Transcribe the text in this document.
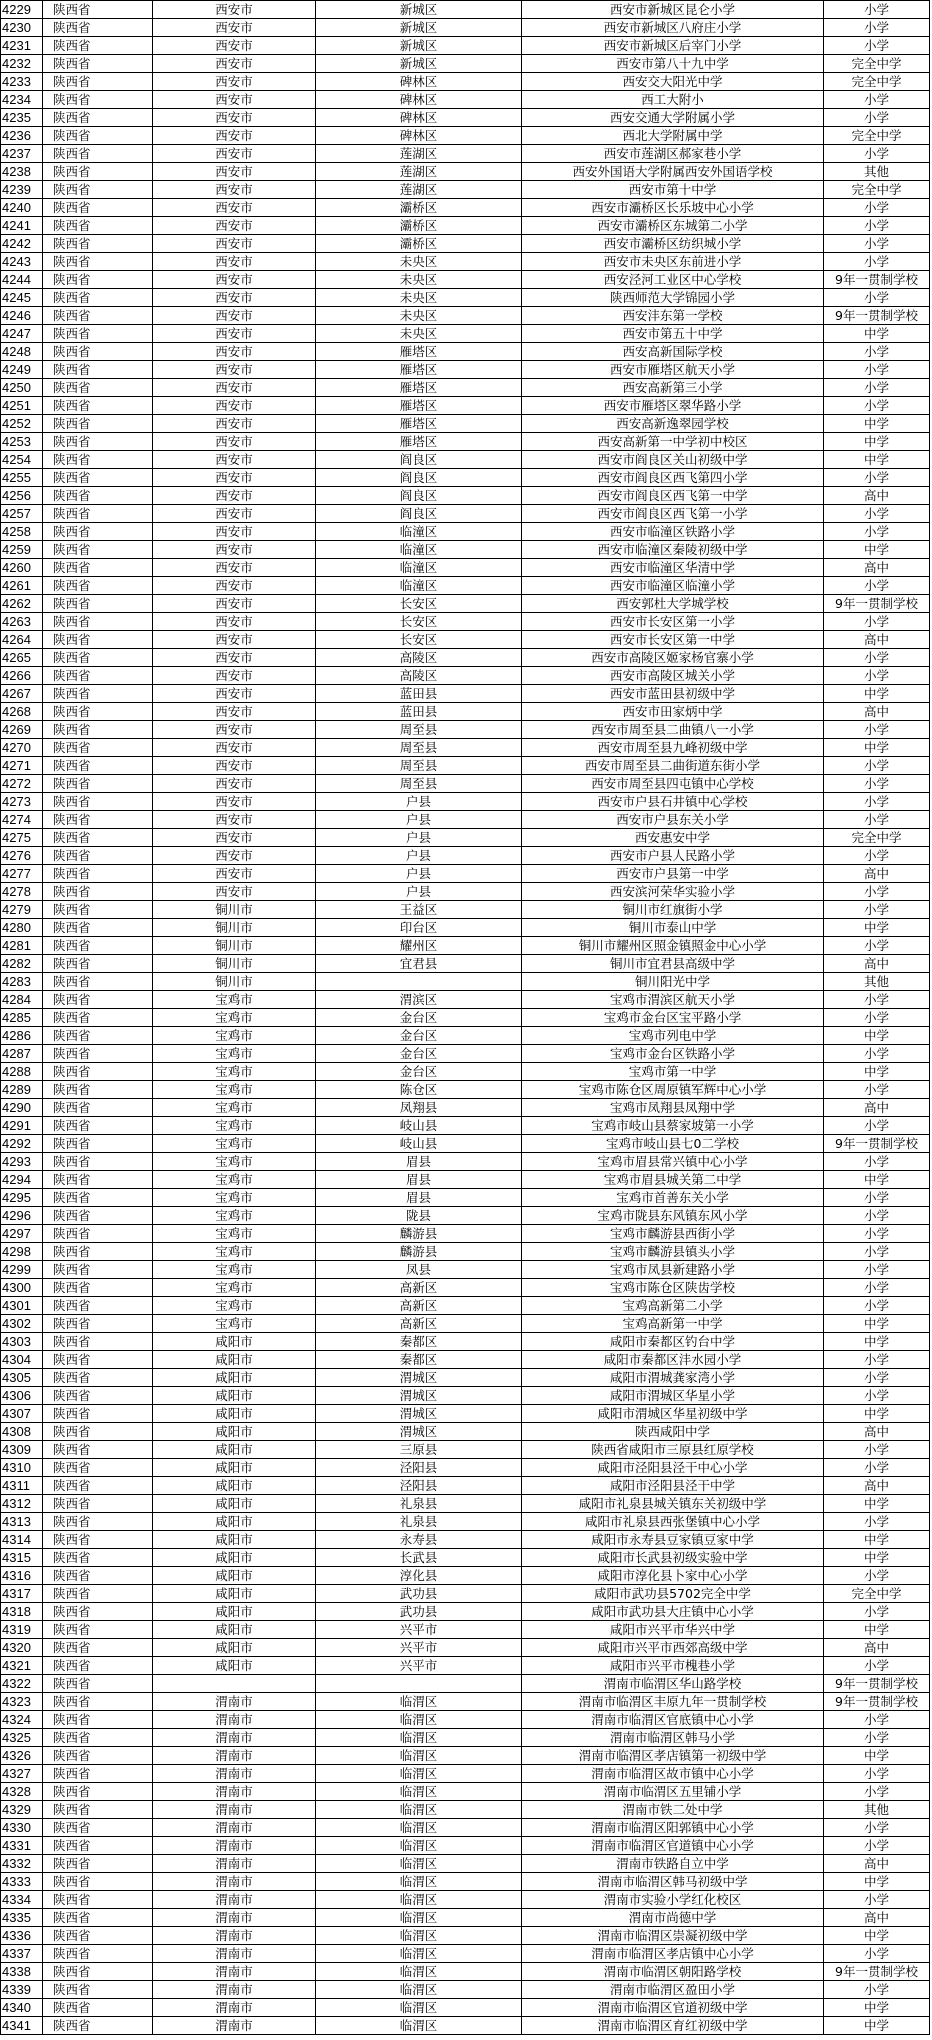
4229	陕西省	西安市	新城区	西安市新城区昆仑小学	小学
4230	陕西省	西安市	新城区	西安市新城区八府庄小学	小学
4231	陕西省	西安市	新城区	西安市新城区后宰门小学	小学
4232	陕西省	西安市	新城区	西安市第八十九中学	完全中学
4233	陕西省	西安市	碑林区	西安交大阳光中学	完全中学
4234	陕西省	西安市	碑林区	西工大附小	小学
4235	陕西省	西安市	碑林区	西安交通大学附属小学	小学
4236	陕西省	西安市	碑林区	西北大学附属中学	完全中学
4237	陕西省	西安市	莲湖区	西安市莲湖区郝家巷小学	小学
4238	陕西省	西安市	莲湖区	西安外国语大学附属西安外国语学校	其他
4239	陕西省	西安市	莲湖区	西安市第十中学	完全中学
4240	陕西省	西安市	灞桥区	西安市灞桥区长乐坡中心小学	小学
4241	陕西省	西安市	灞桥区	西安市灞桥区东城第二小学	小学
4242	陕西省	西安市	灞桥区	西安市灞桥区纺织城小学	小学
4243	陕西省	西安市	未央区	西安市未央区东前进小学	小学
4244	陕西省	西安市	未央区	西安泾河工业区中心学校	9年一贯制学校
4245	陕西省	西安市	未央区	陕西师范大学锦园小学	小学
4246	陕西省	西安市	未央区	西安沣东第一学校	9年一贯制学校
4247	陕西省	西安市	未央区	西安市第五十中学	中学
4248	陕西省	西安市	雁塔区	西安高新国际学校	小学
4249	陕西省	西安市	雁塔区	西安市雁塔区航天小学	小学
4250	陕西省	西安市	雁塔区	西安高新第三小学	小学
4251	陕西省	西安市	雁塔区	西安市雁塔区翠华路小学	小学
4252	陕西省	西安市	雁塔区	西安高新逸翠园学校	中学
4253	陕西省	西安市	雁塔区	西安高新第一中学初中校区	中学
4254	陕西省	西安市	阎良区	西安市阎良区关山初级中学	中学
4255	陕西省	西安市	阎良区	西安市阎良区西飞第四小学	小学
4256	陕西省	西安市	阎良区	西安市阎良区西飞第一中学	高中
4257	陕西省	西安市	阎良区	西安市阎良区西飞第一小学	小学
4258	陕西省	西安市	临潼区	西安市临潼区铁路小学	小学
4259	陕西省	西安市	临潼区	西安市临潼区秦陵初级中学	中学
4260	陕西省	西安市	临潼区	西安市临潼区华清中学	高中
4261	陕西省	西安市	临潼区	西安市临潼区临潼小学	小学
4262	陕西省	西安市	长安区	西安郭杜大学城学校	9年一贯制学校
4263	陕西省	西安市	长安区	西安市长安区第一小学	小学
4264	陕西省	西安市	长安区	西安市长安区第一中学	高中
4265	陕西省	西安市	高陵区	西安市高陵区姬家杨官寨小学	小学
4266	陕西省	西安市	高陵区	西安市高陵区城关小学	小学
4267	陕西省	西安市	蓝田县	西安市蓝田县初级中学	中学
4268	陕西省	西安市	蓝田县	西安市田家炳中学	高中
4269	陕西省	西安市	周至县	西安市周至县二曲镇八一小学	小学
4270	陕西省	西安市	周至县	西安市周至县九峰初级中学	中学
4271	陕西省	西安市	周至县	西安市周至县二曲街道东街小学	小学
4272	陕西省	西安市	周至县	西安市周至县四屯镇中心学校	小学
4273	陕西省	西安市	户县	西安市户县石井镇中心学校	小学
4274	陕西省	西安市	户县	西安市户县东关小学	小学
4275	陕西省	西安市	户县	西安惠安中学	完全中学
4276	陕西省	西安市	户县	西安市户县人民路小学	小学
4277	陕西省	西安市	户县	西安市户县第一中学	高中
4278	陕西省	西安市	户县	西安滨河荣华实验小学	小学
4279	陕西省	铜川市	王益区	铜川市红旗街小学	小学
4280	陕西省	铜川市	印台区	铜川市泰山中学	中学
4281	陕西省	铜川市	耀州区	铜川市耀州区照金镇照金中心小学	小学
4282	陕西省	铜川市	宜君县	铜川市宜君县高级中学	高中
4283	陕西省	铜川市		铜川阳光中学	其他
4284	陕西省	宝鸡市	渭滨区	宝鸡市渭滨区航天小学	小学
4285	陕西省	宝鸡市	金台区	宝鸡市金台区宝平路小学	小学
4286	陕西省	宝鸡市	金台区	宝鸡市列电中学	中学
4287	陕西省	宝鸡市	金台区	宝鸡市金台区铁路小学	小学
4288	陕西省	宝鸡市	金台区	宝鸡市第一中学	中学
4289	陕西省	宝鸡市	陈仓区	宝鸡市陈仓区周原镇军辉中心小学	小学
4290	陕西省	宝鸡市	凤翔县	宝鸡市凤翔县凤翔中学	高中
4291	陕西省	宝鸡市	岐山县	宝鸡市岐山县蔡家坡第一小学	小学
4292	陕西省	宝鸡市	岐山县	宝鸡市岐山县七0二学校	9年一贯制学校
4293	陕西省	宝鸡市	眉县	宝鸡市眉县常兴镇中心小学	小学
4294	陕西省	宝鸡市	眉县	宝鸡市眉县城关第二中学	中学
4295	陕西省	宝鸡市	眉县	宝鸡市首善东关小学	小学
4296	陕西省	宝鸡市	陇县	宝鸡市陇县东风镇东风小学	小学
4297	陕西省	宝鸡市	麟游县	宝鸡市麟游县西街小学	小学
4298	陕西省	宝鸡市	麟游县	宝鸡市麟游县镇头小学	小学
4299	陕西省	宝鸡市	凤县	宝鸡市凤县新建路小学	小学
4300	陕西省	宝鸡市	高新区	宝鸡市陈仓区陕齿学校	小学
4301	陕西省	宝鸡市	高新区	宝鸡高新第二小学	小学
4302	陕西省	宝鸡市	高新区	宝鸡高新第一中学	中学
4303	陕西省	咸阳市	秦都区	咸阳市秦都区钓台中学	中学
4304	陕西省	咸阳市	秦都区	咸阳市秦都区沣水园小学	小学
4305	陕西省	咸阳市	渭城区	咸阳市渭城龚家湾小学	小学
4306	陕西省	咸阳市	渭城区	咸阳市渭城区华星小学	小学
4307	陕西省	咸阳市	渭城区	咸阳市渭城区华星初级中学	中学
4308	陕西省	咸阳市	渭城区	陕西咸阳中学	高中
4309	陕西省	咸阳市	三原县	陕西省咸阳市三原县红原学校	小学
4310	陕西省	咸阳市	泾阳县	咸阳市泾阳县泾干中心小学	小学
4311	陕西省	咸阳市	泾阳县	咸阳市泾阳县泾干中学	高中
4312	陕西省	咸阳市	礼泉县	咸阳市礼泉县城关镇东关初级中学	中学
4313	陕西省	咸阳市	礼泉县	咸阳市礼泉县西张堡镇中心小学	小学
4314	陕西省	咸阳市	永寿县	咸阳市永寿县豆家镇豆家中学	中学
4315	陕西省	咸阳市	长武县	咸阳市长武县初级实验中学	中学
4316	陕西省	咸阳市	淳化县	咸阳市淳化县卜家中心小学	小学
4317	陕西省	咸阳市	武功县	咸阳市武功县5702完全中学	完全中学
4318	陕西省	咸阳市	武功县	咸阳市武功县大庄镇中心小学	小学
4319	陕西省	咸阳市	兴平市	咸阳市兴平市华兴中学	中学
4320	陕西省	咸阳市	兴平市	咸阳市兴平市西郊高级中学	高中
4321	陕西省	咸阳市	兴平市	咸阳市兴平市槐巷小学	小学
4322	陕西省			渭南市临渭区华山路学校	9年一贯制学校
4323	陕西省	渭南市	临渭区	渭南市临渭区丰原九年一贯制学校	9年一贯制学校
4324	陕西省	渭南市	临渭区	渭南市临渭区官底镇中心小学	小学
4325	陕西省	渭南市	临渭区	渭南市临渭区韩马小学	小学
4326	陕西省	渭南市	临渭区	渭南市临渭区孝店镇第一初级中学	中学
4327	陕西省	渭南市	临渭区	渭南市临渭区故市镇中心小学	小学
4328	陕西省	渭南市	临渭区	渭南市临渭区五里铺小学	小学
4329	陕西省	渭南市	临渭区	渭南市铁二处中学	其他
4330	陕西省	渭南市	临渭区	渭南市临渭区阳郭镇中心小学	小学
4331	陕西省	渭南市	临渭区	渭南市临渭区官道镇中心小学	小学
4332	陕西省	渭南市	临渭区	渭南市铁路自立中学	高中
4333	陕西省	渭南市	临渭区	渭南市临渭区韩马初级中学	中学
4334	陕西省	渭南市	临渭区	渭南市实验小学红化校区	小学
4335	陕西省	渭南市	临渭区	渭南市尚德中学	高中
4336	陕西省	渭南市	临渭区	渭南市临渭区崇凝初级中学	中学
4337	陕西省	渭南市	临渭区	渭南市临渭区孝店镇中心小学	小学
4338	陕西省	渭南市	临渭区	渭南市临渭区朝阳路学校	9年一贯制学校
4339	陕西省	渭南市	临渭区	渭南市临渭区盈田小学	小学
4340	陕西省	渭南市	临渭区	渭南市临渭区官道初级中学	中学
4341	陕西省	渭南市	临渭区	渭南市临渭区育红初级中学	中学
